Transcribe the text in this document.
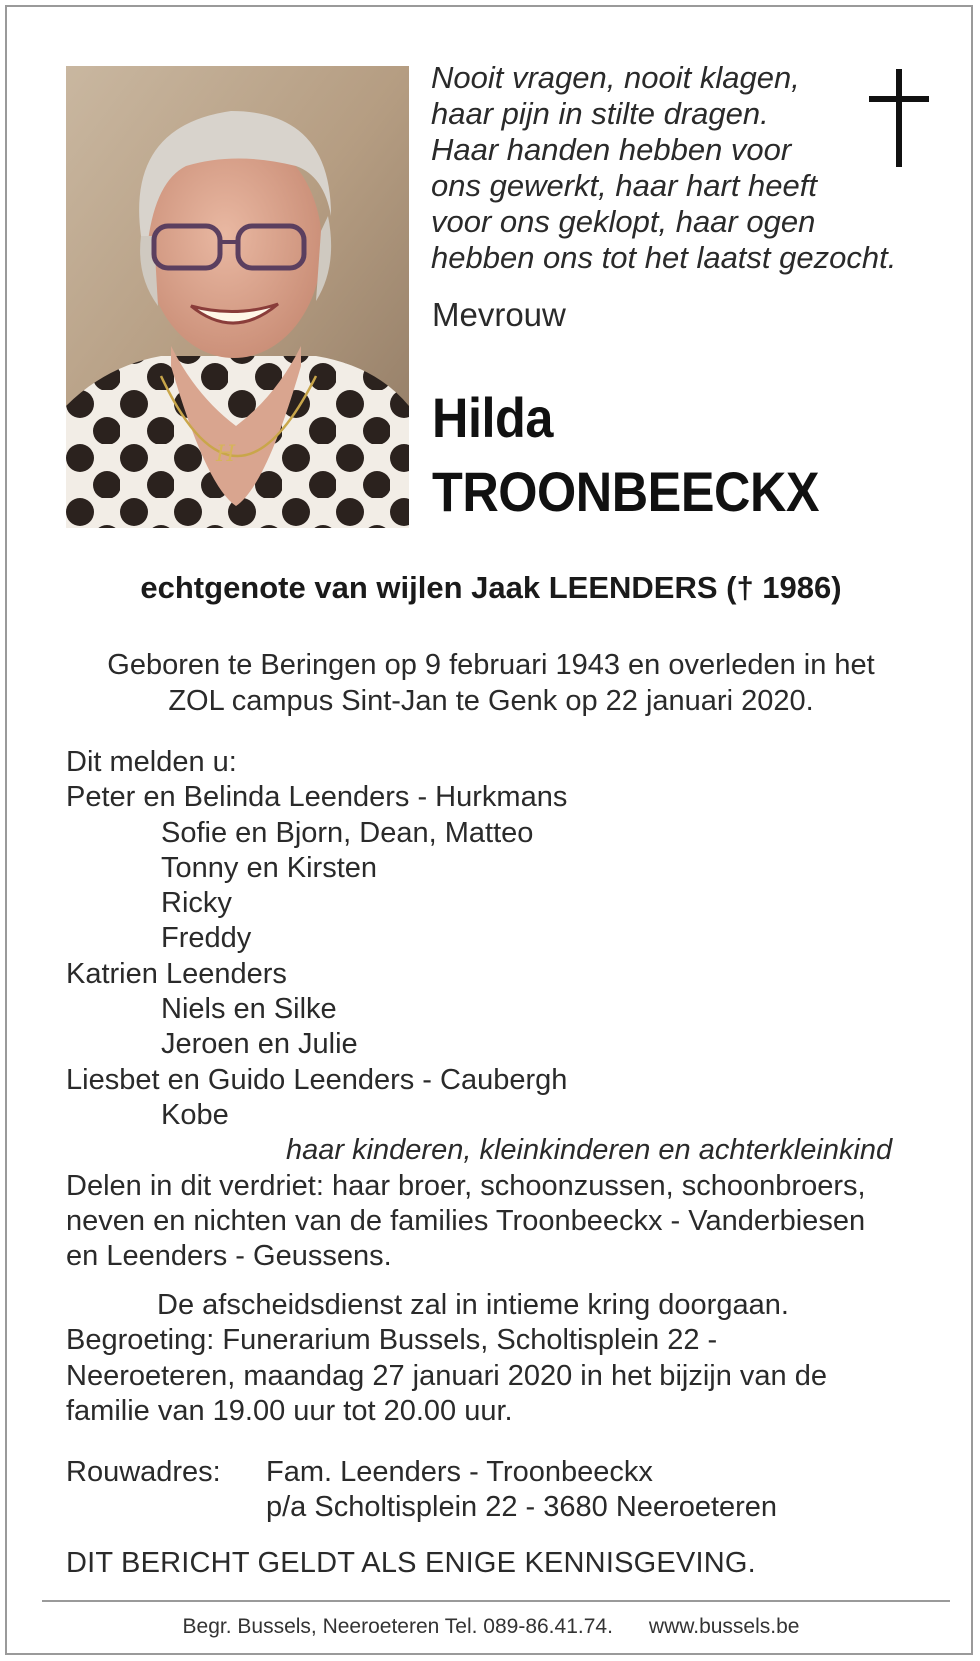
H
Nooit vragen, nooit klagen,
haar pijn in stilte dragen.
Haar handen hebben voor
ons gewerkt, haar hart heeft
voor ons geklopt, haar ogen
hebben ons tot het laatst gezocht.
Mevrouw
Hilda
TROONBEECKX
echtgenote van wijlen Jaak LEENDERS († 1986)
Geboren te Beringen op 9 februari 1943 en overleden in het
ZOL campus Sint-Jan te Genk op 22 januari 2020.
Dit melden u:
Peter en Belinda Leenders - Hurkmans
Sofie en Bjorn, Dean, Matteo
Tonny en Kirsten
Ricky
Freddy
Katrien Leenders
Niels en Silke
Jeroen en Julie
Liesbet en Guido Leenders - Caubergh
Kobe
haar kinderen, kleinkinderen en achterkleinkind
Delen in dit verdriet: haar broer, schoonzussen, schoonbroers,
neven en nichten van de families Troonbeeckx - Vanderbiesen
en Leenders - Geussens.
De afscheidsdienst zal in intieme kring doorgaan.
Begroeting: Funerarium Bussels, Scholtisplein 22 -
Neeroeteren, maandag 27 januari 2020 in het bijzijn van de
familie van 19.00 uur tot 20.00 uur.
Rouwadres:	Fam. Leenders - Troonbeeckx
p/a Scholtisplein 22 - 3680 Neeroeteren
DIT BERICHT GELDT ALS ENIGE KENNISGEVING.
Begr. Bussels, Neeroeteren Tel. 089-86.41.74. www.bussels.be
